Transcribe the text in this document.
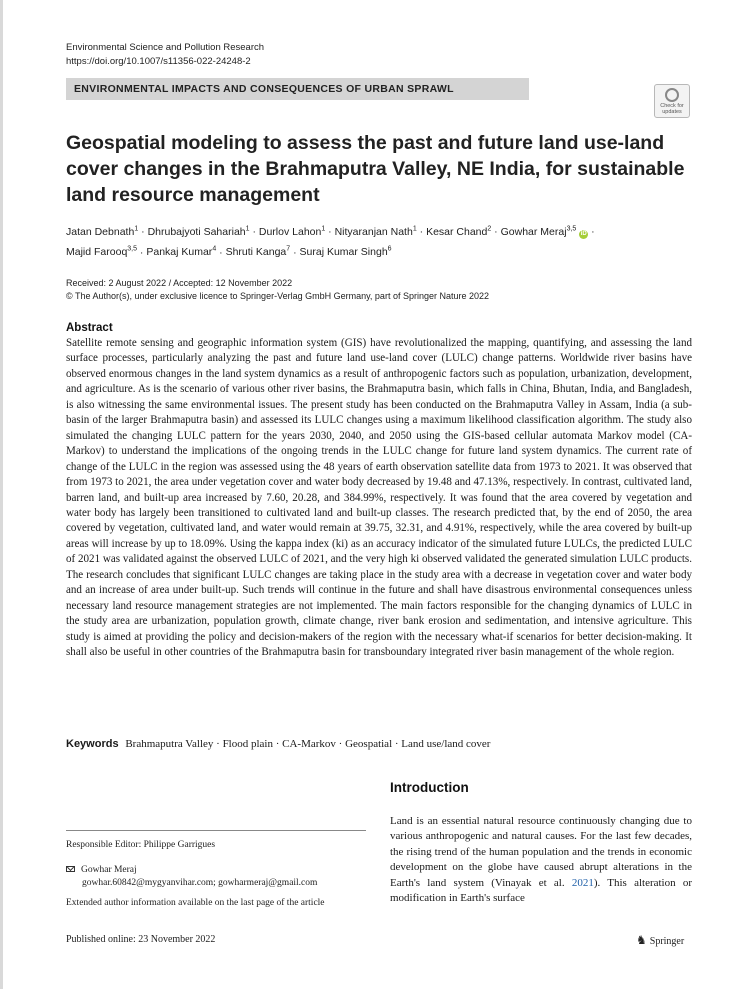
Environmental Science and Pollution Research
https://doi.org/10.1007/s11356-022-24248-2
ENVIRONMENTAL IMPACTS AND CONSEQUENCES OF URBAN SPRAWL
Check for
updates
Geospatial modeling to assess the past and future land use-land cover changes in the Brahmaputra Valley, NE India, for sustainable land resource management
Jatan Debnath$^1$ · Dhrubajyoti Sahariah$^1$ · Durlov Lahon$^1$ · Nityaranjan Nath$^1$ · Kesar Chand$^2$ · Gowhar Meraj$^{3,5}$ iD ·
Majid Farooq$^{3,5}$ · Pankaj Kumar$^4$ · Shruti Kanga$^7$ · Suraj Kumar Singh$^6$
Received: 2 August 2022 / Accepted: 12 November 2022
© The Author(s), under exclusive licence to Springer-Verlag GmbH Germany, part of Springer Nature 2022
Abstract
Satellite remote sensing and geographic information system (GIS) have revolutionalized the mapping, quantifying, and assessing the land surface processes, particularly analyzing the past and future land use-land cover (LULC) change patterns. Worldwide river basins have observed enormous changes in the land system dynamics as a result of anthropogenic factors such as population, urbanization, development, and agriculture. As is the scenario of various other river basins, the Brahmaputra basin, which falls in China, Bhutan, India, and Bangladesh, is also witnessing the same environmental issues. The present study has been conducted on the Brahmaputra Valley in Assam, India (a sub-basin of the larger Brahmaputra basin) and assessed its LULC changes using a maximum likelihood classification algorithm. The study also simulated the changing LULC pattern for the years 2030, 2040, and 2050 using the GIS-based cellular automata Markov model (CA-Markov) to understand the implications of the ongoing trends in the LULC change for future land system dynamics. The current rate of change of the LULC in the region was assessed using the 48 years of earth observation satellite data from 1973 to 2021. It was observed that from 1973 to 2021, the area under vegetation cover and water body decreased by 19.48 and 47.13%, respectively. In contrast, cultivated land, barren land, and built-up area increased by 7.60, 20.28, and 384.99%, respectively. It was found that the area covered by vegetation and water body has largely been transitioned to cultivated land and built-up classes. The research predicted that, by the end of 2050, the area covered by vegetation, cultivated land, and water would remain at 39.75, 32.31, and 4.91%, respectively, while the area covered by built-up areas will increase by up to 18.09%. Using the kappa index (ki) as an accuracy indicator of the simulated future LULCs, the predicted LULC of 2021 was validated against the observed LULC of 2021, and the very high ki observed validated the generated simulation LULC products. The research concludes that significant LULC changes are taking place in the study area with a decrease in vegetation cover and water body and an increase of area under built-up. Such trends will continue in the future and shall have disastrous environmental consequences unless necessary land resource management strategies are not implemented. The main factors responsible for the changing dynamics of LULC in the study area are urbanization, population growth, climate change, river bank erosion and sedimentation, and intensive agriculture. This study is aimed at providing the policy and decision-makers of the region with the necessary what-if scenarios for better decision-making. It shall also be useful in other countries of the Brahmaputra basin for transboundary integrated river basin management of the whole region.
Keywords Brahmaputra Valley · Flood plain · CA-Markov · Geospatial · Land use/land cover
Introduction
Land is an essential natural resource continuously changing due to various anthropogenic and natural causes. For the last few decades, the rising trend of the human population and the trends in economic development on the globe have caused abrupt alterations in the Earth's land system (Vinayak et al. 2021). This alteration or modification in Earth's surface
Responsible Editor: Philippe Garrigues
Gowhar Meraj
gowhar.60842@mygyanvihar.com; gowharmeraj@gmail.com
Extended author information available on the last page of the article
Published online: 23 November 2022	♞ Springer
